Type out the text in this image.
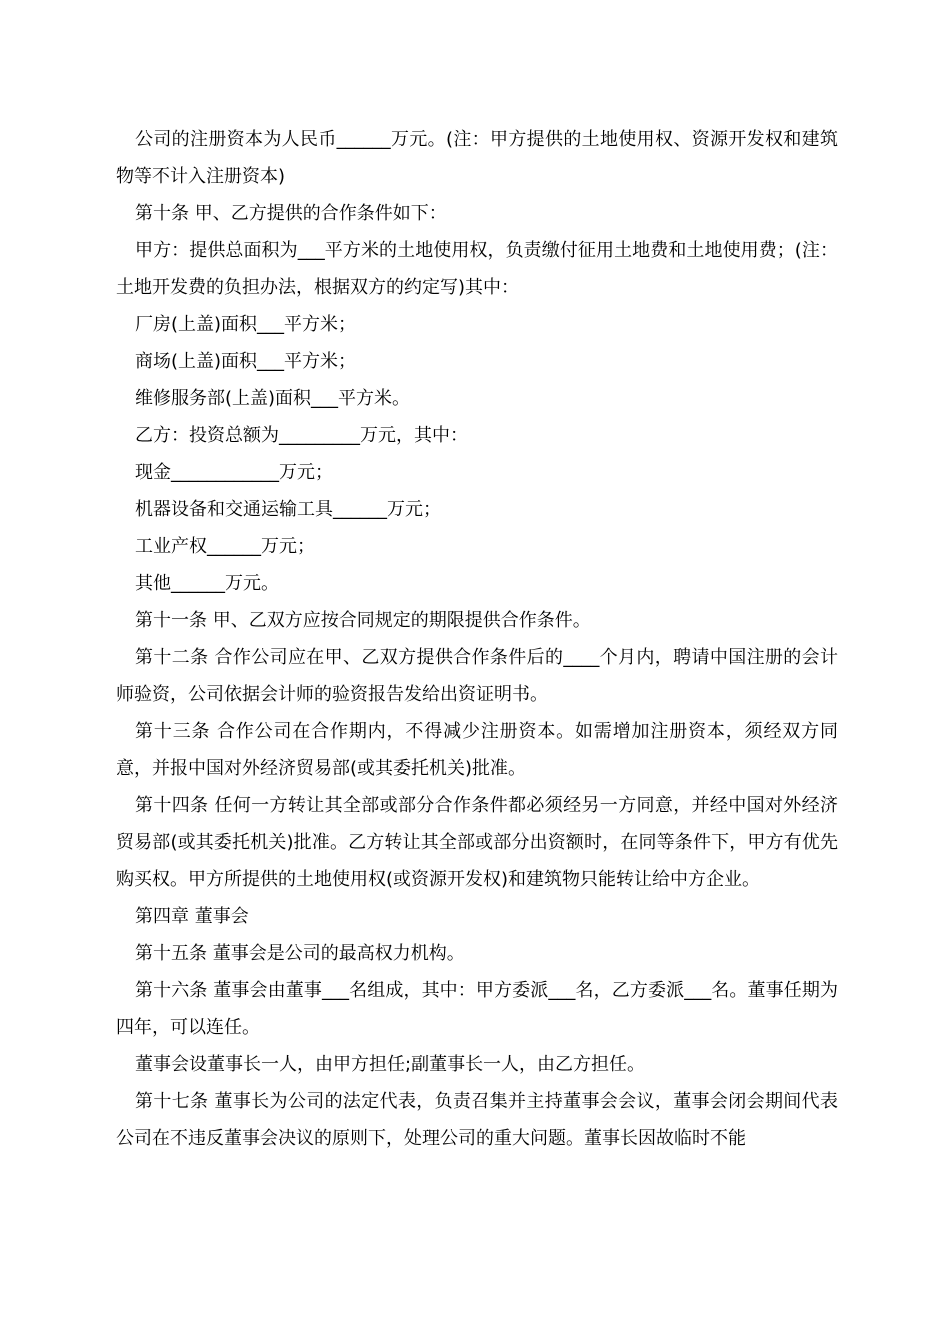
公司的注册资本为人民币______万元。(注：甲方提供的土地使用权、资源开发权和建筑物等不计入注册资本)

第十条 甲、乙方提供的合作条件如下：

甲方：提供总面积为___平方米的土地使用权，负责缴付征用土地费和土地使用费；(注：土地开发费的负担办法，根据双方的约定写)其中：

厂房(上盖)面积___平方米；

商场(上盖)面积___平方米；

维修服务部(上盖)面积___平方米。

乙方：投资总额为_________万元，其中：

现金____________万元；

机器设备和交通运输工具______万元；

工业产权______万元；

其他______万元。

第十一条 甲、乙双方应按合同规定的期限提供合作条件。

第十二条 合作公司应在甲、乙双方提供合作条件后的____个月内，聘请中国注册的会计师验资，公司依据会计师的验资报告发给出资证明书。

第十三条 合作公司在合作期内，不得减少注册资本。如需增加注册资本，须经双方同意，并报中国对外经济贸易部(或其委托机关)批准。

第十四条 任何一方转让其全部或部分合作条件都必须经另一方同意，并经中国对外经济贸易部(或其委托机关)批准。乙方转让其全部或部分出资额时，在同等条件下，甲方有优先购买权。甲方所提供的土地使用权(或资源开发权)和建筑物只能转让给中方企业。

第四章 董事会

第十五条 董事会是公司的最高权力机构。

第十六条 董事会由董事___名组成，其中：甲方委派___名，乙方委派___名。董事任期为四年，可以连任。

董事会设董事长一人，由甲方担任;副董事长一人，由乙方担任。

第十七条 董事长为公司的法定代表，负责召集并主持董事会会议，董事会闭会期间代表公司在不违反董事会决议的原则下，处理公司的重大问题。董事长因故临时不能
